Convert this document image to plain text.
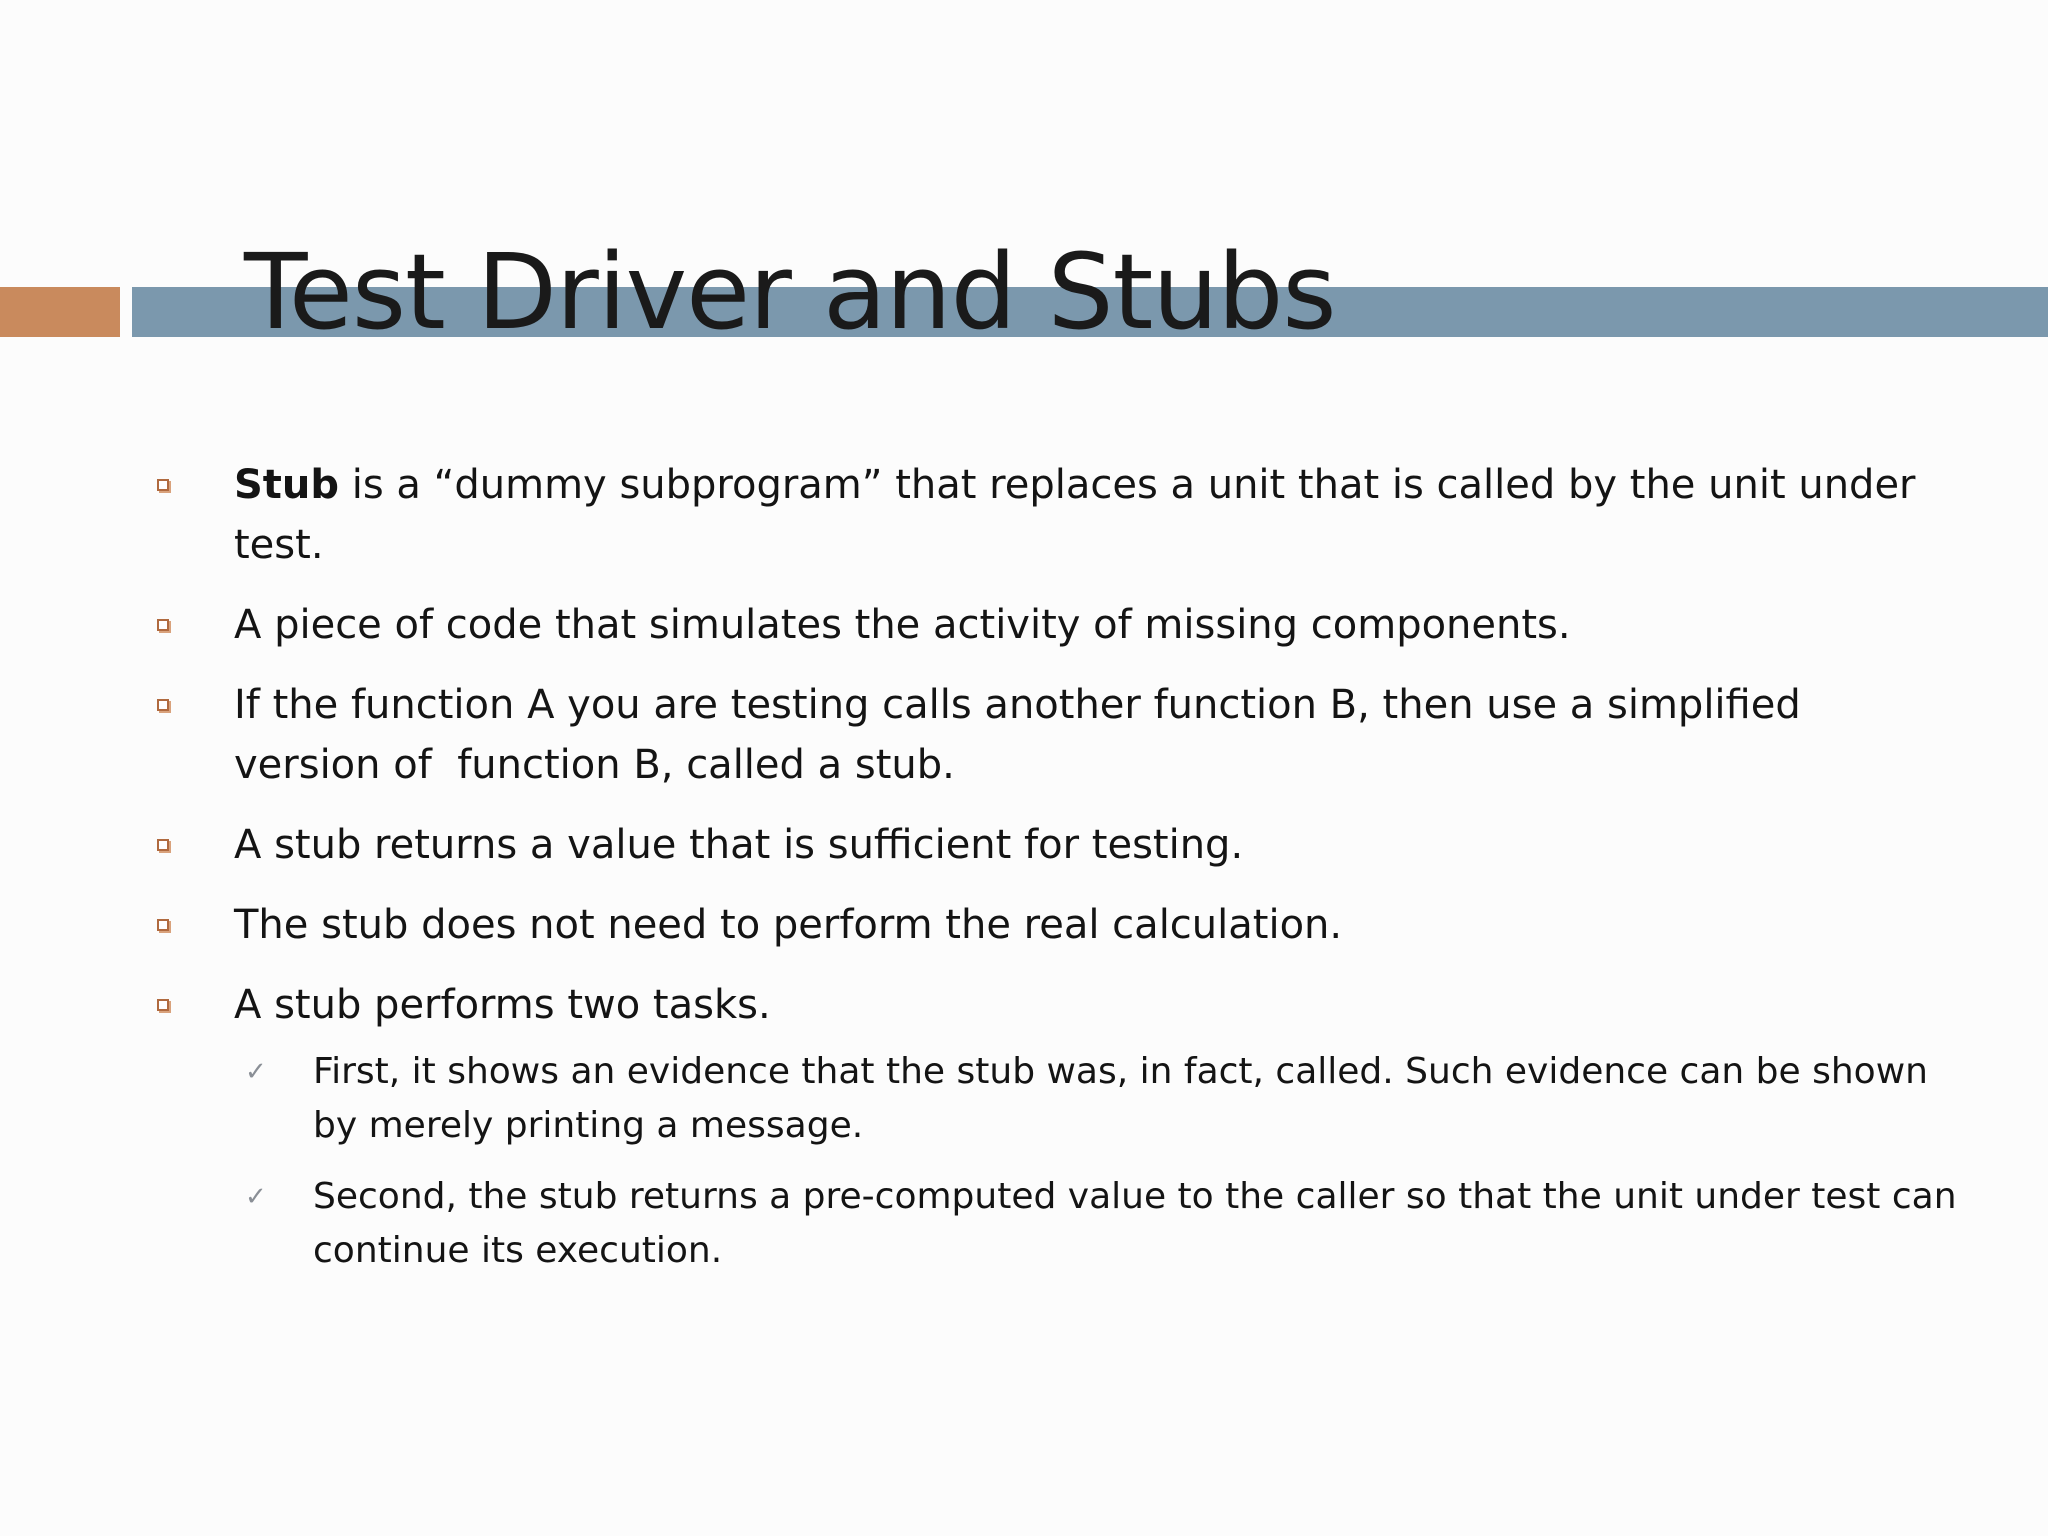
Test Driver and Stubs
Stub is a “dummy subprogram” that replaces a unit that is called by the unit under test.
A piece of code that simulates the activity of missing components.
If the function A you are testing calls another function B, then use a simplified version of  function B, called a stub.
A stub returns a value that is sufficient for testing.
The stub does not need to perform the real calculation.
A stub performs two tasks.
✓ First, it shows an evidence that the stub was, in fact, called. Such evidence can be shown by merely printing a message.
✓ Second, the stub returns a pre-computed value to the caller so that the unit under test can continue its execution.
